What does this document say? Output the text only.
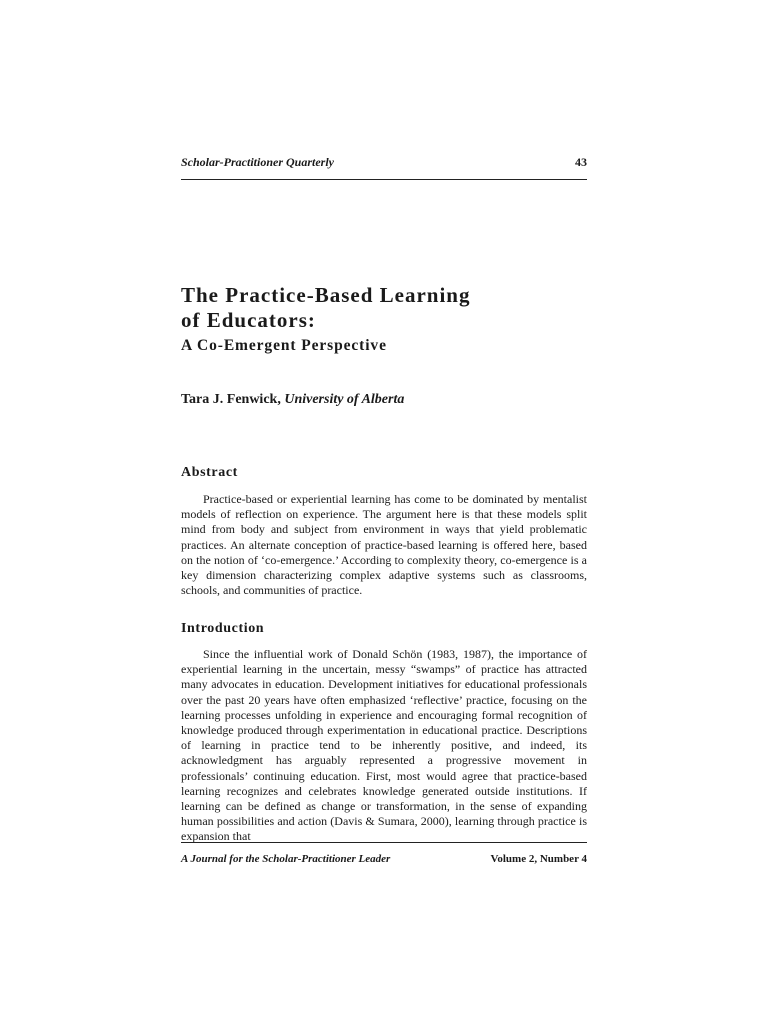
Scholar-Practitioner Quarterly	43
The Practice-Based Learning
of Educators:
A Co-Emergent Perspective
Tara J. Fenwick, University of Alberta
Abstract

Practice-based or experiential learning has come to be dominated by mentalist models of reflection on experience. The argument here is that these models split mind from body and subject from environment in ways that yield problematic practices. An alternate conception of practice-based learning is offered here, based on the notion of ‘co-emergence.’ According to complexity theory, co-emergence is a key dimension characterizing complex adaptive systems such as classrooms, schools, and communities of practice.

Introduction

Since the influential work of Donald Schön (1983, 1987), the importance of experiential learning in the uncertain, messy “swamps” of practice has attracted many advocates in education. Development initiatives for educational professionals over the past 20 years have often emphasized ‘reflective’ practice, focusing on the learning processes unfolding in experience and encouraging formal recognition of knowledge produced through experimentation in educational practice. Descriptions of learning in practice tend to be inherently positive, and indeed, its acknowledgment has arguably represented a progressive movement in professionals’ continuing education. First, most would agree that practice-based learning recognizes and celebrates knowledge generated outside institutions. If learning can be defined as change or transformation, in the sense of expanding human possibilities and action (Davis & Sumara, 2000), learning through practice is expansion that

A Journal for the Scholar-Practitioner Leader	Volume 2, Number 4
